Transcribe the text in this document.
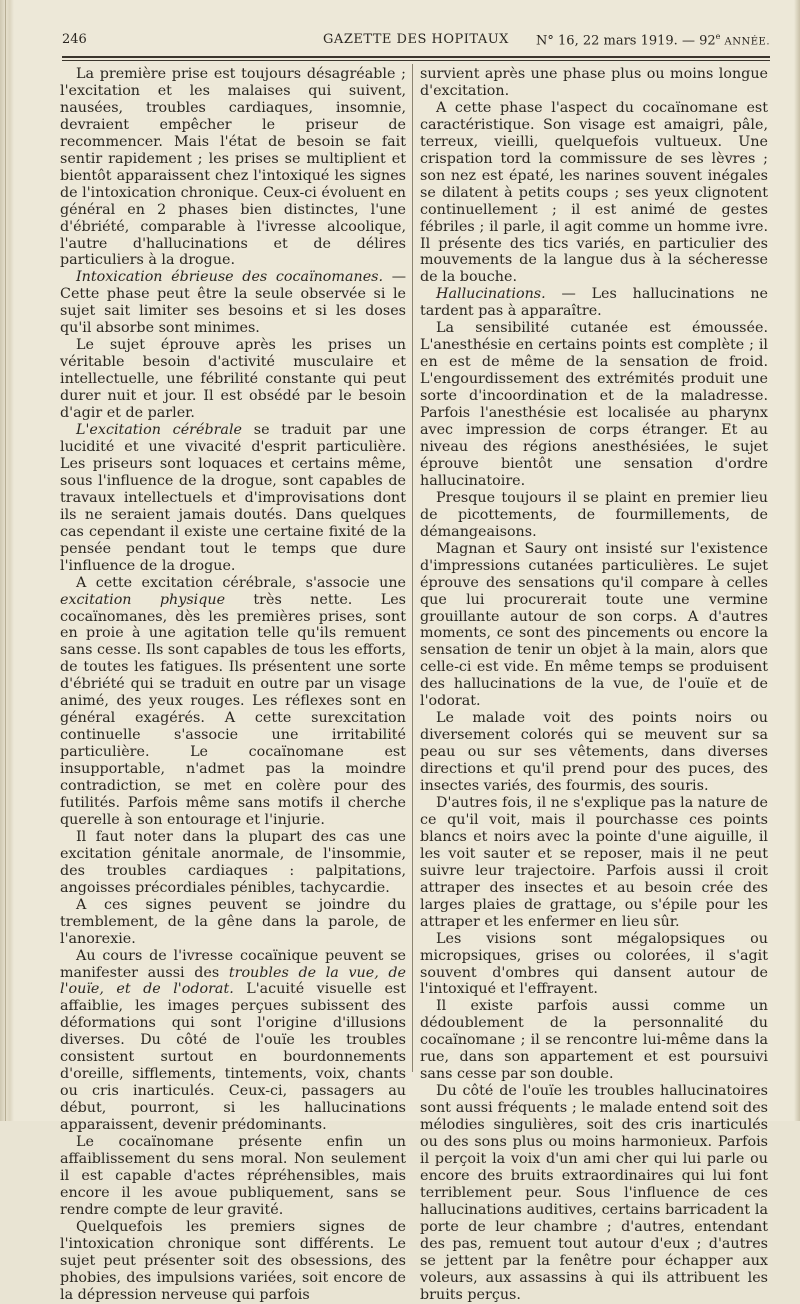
246	GAZETTE DES HOPITAUX	N° 16, 22 mars 1919. — 92e ANNÉE.

La première prise est toujours désagréable ; l'excitation et les malaises qui suivent, nausées, troubles cardiaques, insomnie, devraient empêcher le priseur de recommencer. Mais l'état de besoin se fait sentir rapidement ; les prises se multiplient et bientôt apparaissent chez l'intoxiqué les signes de l'intoxication chronique. Ceux-ci évoluent en général en 2 phases bien distinctes, l'une d'ébriété, comparable à l'ivresse alcoolique, l'autre d'hallucinations et de délires particuliers à la drogue.

Intoxication ébrieuse des cocaïnomanes. — Cette phase peut être la seule observée si le sujet sait limiter ses besoins et si les doses qu'il absorbe sont minimes.

Le sujet éprouve après les prises un véritable besoin d'activité musculaire et intellectuelle, une fébrilité constante qui peut durer nuit et jour. Il est obsédé par le besoin d'agir et de parler.

L'excitation cérébrale se traduit par une lucidité et une vivacité d'esprit particulière. Les priseurs sont loquaces et certains même, sous l'influence de la drogue, sont capables de travaux intellectuels et d'improvisations dont ils ne seraient jamais doutés. Dans quelques cas cependant il existe une certaine fixité de la pensée pendant tout le temps que dure l'influence de la drogue.

A cette excitation cérébrale, s'associe une excitation physique très nette. Les cocaïnomanes, dès les premières prises, sont en proie à une agitation telle qu'ils remuent sans cesse. Ils sont capables de tous les efforts, de toutes les fatigues. Ils présentent une sorte d'ébriété qui se traduit en outre par un visage animé, des yeux rouges. Les réflexes sont en général exagérés. A cette surexcitation continuelle s'associe une irritabilité particulière. Le cocaïnomane est insupportable, n'admet pas la moindre contradiction, se met en colère pour des futilités. Parfois même sans motifs il cherche querelle à son entourage et l'injurie.

Il faut noter dans la plupart des cas une excitation génitale anormale, de l'insommie, des troubles cardiaques : palpitations, angoisses précordiales pénibles, tachycardie.

A ces signes peuvent se joindre du tremblement, de la gêne dans la parole, de l'anorexie.

Au cours de l'ivresse cocaïnique peuvent se manifester aussi des troubles de la vue, de l'ouïe, et de l'odorat. L'acuité visuelle est affaiblie, les images perçues subissent des déformations qui sont l'origine d'illusions diverses. Du côté de l'ouïe les troubles consistent surtout en bourdonnements d'oreille, sifflements, tintements, voix, chants ou cris inarticulés. Ceux-ci, passagers au début, pourront, si les hallucinations apparaissent, devenir prédominants.

Le cocaïnomane présente enfin un affaiblissement du sens moral. Non seulement il est capable d'actes répréhensibles, mais encore il les avoue publiquement, sans se rendre compte de leur gravité.

Quelquefois les premiers signes de l'intoxication chronique sont différents. Le sujet peut présenter soit des obsessions, des phobies, des impulsions variées, soit encore de la dépression nerveuse qui parfois

survient après une phase plus ou moins longue d'excitation.

A cette phase l'aspect du cocaïnomane est caractéristique. Son visage est amaigri, pâle, terreux, vieilli, quelquefois vultueux. Une crispation tord la commissure de ses lèvres ; son nez est épaté, les narines souvent inégales se dilatent à petits coups ; ses yeux clignotent continuellement ; il est animé de gestes fébriles ; il parle, il agit comme un homme ivre. Il présente des tics variés, en particulier des mouvements de la langue dus à la sécheresse de la bouche.

Hallucinations. — Les hallucinations ne tardent pas à apparaître.

La sensibilité cutanée est émoussée. L'anesthésie en certains points est complète ; il en est de même de la sensation de froid. L'engourdissement des extrémités produit une sorte d'incoordination et de la maladresse. Parfois l'anesthésie est localisée au pharynx avec impression de corps étranger. Et au niveau des régions anesthésiées, le sujet éprouve bientôt une sensation d'ordre hallucinatoire.

Presque toujours il se plaint en premier lieu de picottements, de fourmillements, de démangeaisons.

Magnan et Saury ont insisté sur l'existence d'impressions cutanées particulières. Le sujet éprouve des sensations qu'il compare à celles que lui procurerait toute une vermine grouillante autour de son corps. A d'autres moments, ce sont des pincements ou encore la sensation de tenir un objet à la main, alors que celle-ci est vide. En même temps se produisent des hallucinations de la vue, de l'ouïe et de l'odorat.

Le malade voit des points noirs ou diversement colorés qui se meuvent sur sa peau ou sur ses vêtements, dans diverses directions et qu'il prend pour des puces, des insectes variés, des fourmis, des souris.

D'autres fois, il ne s'explique pas la nature de ce qu'il voit, mais il pourchasse ces points blancs et noirs avec la pointe d'une aiguille, il les voit sauter et se reposer, mais il ne peut suivre leur trajectoire. Parfois aussi il croit attraper des insectes et au besoin crée des larges plaies de grattage, ou s'épile pour les attraper et les enfermer en lieu sûr.

Les visions sont mégalopsiques ou micropsiques, grises ou colorées, il s'agit souvent d'ombres qui dansent autour de l'intoxiqué et l'effrayent.

Il existe parfois aussi comme un dédoublement de la personnalité du cocaïnomane ; il se rencontre lui-même dans la rue, dans son appartement et est poursuivi sans cesse par son double.

Du côté de l'ouïe les troubles hallucinatoires sont aussi fréquents ; le malade entend soit des mélodies singulières, soit des cris inarticulés ou des sons plus ou moins harmonieux. Parfois il perçoit la voix d'un ami cher qui lui parle ou encore des bruits extraordinaires qui lui font terriblement peur. Sous l'influence de ces hallucinations auditives, certains barricadent la porte de leur chambre ; d'autres, entendant des pas, remuent tout autour d'eux ; d'autres se jettent par la fenêtre pour échapper aux voleurs, aux assassins à qui ils attribuent les bruits perçus.
